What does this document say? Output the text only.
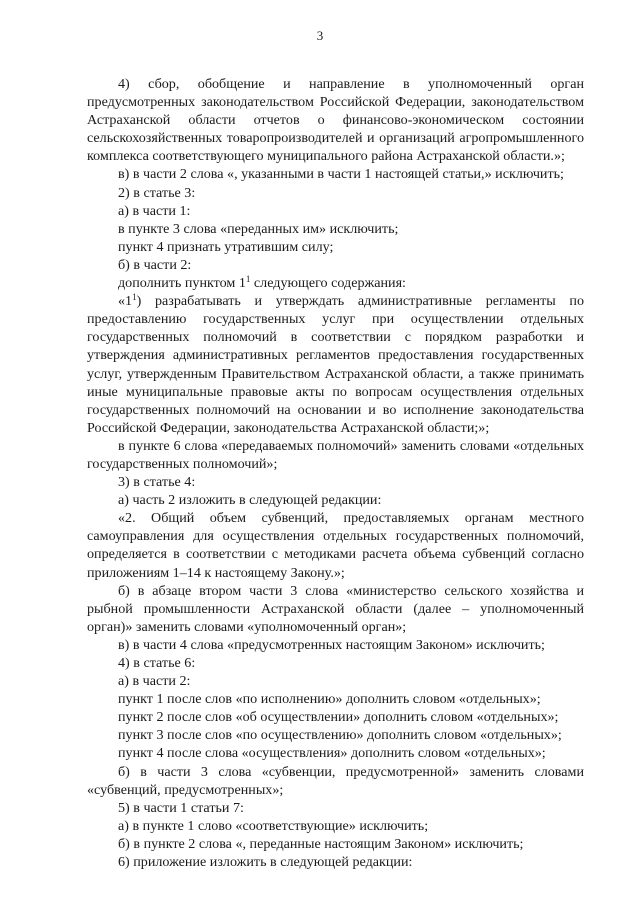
3

4) сбор, обобщение и направление в уполномоченный орган предусмотренных законодательством Российской Федерации, законодательством Астраханской области отчетов о финансово-экономическом состоянии сельскохозяйственных товаропроизводителей и организаций агропромышленного комплекса соответствующего муниципального района Астраханской области.»;

в) в части 2 слова «, указанными в части 1 настоящей статьи,» исключить;

2) в статье 3:

а) в части 1:

в пункте 3 слова «переданных им» исключить;

пункт 4 признать утратившим силу;

б) в части 2:

дополнить пунктом $1^1$ следующего содержания:

«$1^1$) разрабатывать и утверждать административные регламенты по предоставлению государственных услуг при осуществлении отдельных государственных полномочий в соответствии с порядком разработки и утверждения административных регламентов предоставления государственных услуг, утвержденным Правительством Астраханской области, а также принимать иные муниципальные правовые акты по вопросам осуществления отдельных государственных полномочий на основании и во исполнение законодательства Российской Федерации, законодательства Астраханской области;»;

в пункте 6 слова «передаваемых полномочий» заменить словами «отдельных государственных полномочий»;

3) в статье 4:

а) часть 2 изложить в следующей редакции:

«2. Общий объем субвенций, предоставляемых органам местного самоуправления для осуществления отдельных государственных полномочий, определяется в соответствии с методиками расчета объема субвенций согласно приложениям 1–14 к настоящему Закону.»;

б) в абзаце втором части 3 слова «министерство сельского хозяйства и рыбной промышленности Астраханской области (далее – уполномоченный орган)» заменить словами «уполномоченный орган»;

в) в части 4 слова «предусмотренных настоящим Законом» исключить;

4) в статье 6:

а) в части 2:

пункт 1 после слов «по исполнению» дополнить словом «отдельных»;

пункт 2 после слов «об осуществлении» дополнить словом «отдельных»;

пункт 3 после слов «по осуществлению» дополнить словом «отдельных»;

пункт 4 после слова «осуществления» дополнить словом «отдельных»;

б) в части 3 слова «субвенции, предусмотренной» заменить словами «субвенций, предусмотренных»;

5) в части 1 статьи 7:

а) в пункте 1 слово «соответствующие» исключить;

б) в пункте 2 слова «, переданные настоящим Законом» исключить;

6) приложение изложить в следующей редакции:
